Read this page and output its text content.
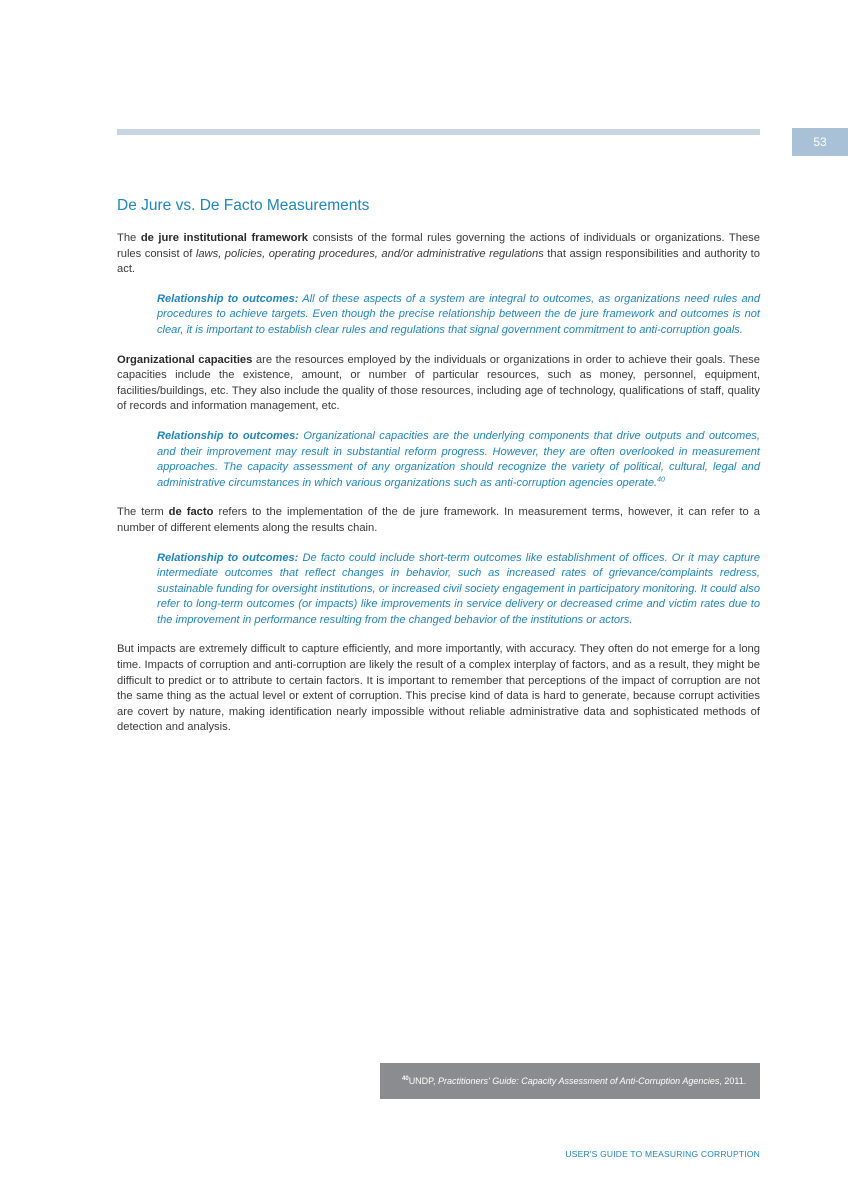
53
De Jure vs. De Facto Measurements

The de jure institutional framework consists of the formal rules governing the actions of individuals or organizations. These rules consist of laws, policies, operating procedures, and/or administrative regulations that assign responsibilities and authority to act.

Relationship to outcomes: All of these aspects of a system are integral to outcomes, as organizations need rules and procedures to achieve targets. Even though the precise relationship between the de jure framework and outcomes is not clear, it is important to establish clear rules and regulations that signal government commitment to anti-corruption goals.

Organizational capacities are the resources employed by the individuals or organizations in order to achieve their goals. These capacities include the existence, amount, or number of particular resources, such as money, personnel, equipment, facilities/buildings, etc. They also include the quality of those resources, including age of technology, qualifications of staff, quality of records and information management, etc.

Relationship to outcomes: Organizational capacities are the underlying components that drive outputs and outcomes, and their improvement may result in substantial reform progress. However, they are often overlooked in measurement approaches. The capacity assessment of any organization should recognize the variety of political, cultural, legal and administrative circumstances in which various organizations such as anti-corruption agencies operate.$^{40}$

The term de facto refers to the implementation of the de jure framework. In measurement terms, however, it can refer to a number of different elements along the results chain.

Relationship to outcomes: De facto could include short-term outcomes like establishment of offices. Or it may capture intermediate outcomes that reflect changes in behavior, such as increased rates of grievance/complaints redress, sustainable funding for oversight institutions, or increased civil society engagement in participatory monitoring. It could also refer to long-term outcomes (or impacts) like improvements in service delivery or decreased crime and victim rates due to the improvement in performance resulting from the changed behavior of the institutions or actors.

But impacts are extremely difficult to capture efficiently, and more importantly, with accuracy. They often do not emerge for a long time. Impacts of corruption and anti-corruption are likely the result of a complex interplay of factors, and as a result, they might be difficult to predict or to attribute to certain factors. It is important to remember that perceptions of the impact of corruption are not the same thing as the actual level or extent of corruption. This precise kind of data is hard to generate, because corrupt activities are covert by nature, making identification nearly impossible without reliable administrative data and sophisticated methods of detection and analysis.

$^{40}$UNDP, Practitioners' Guide: Capacity Assessment of Anti-Corruption Agencies, 2011.
USER'S GUIDE TO MEASURING CORRUPTION
